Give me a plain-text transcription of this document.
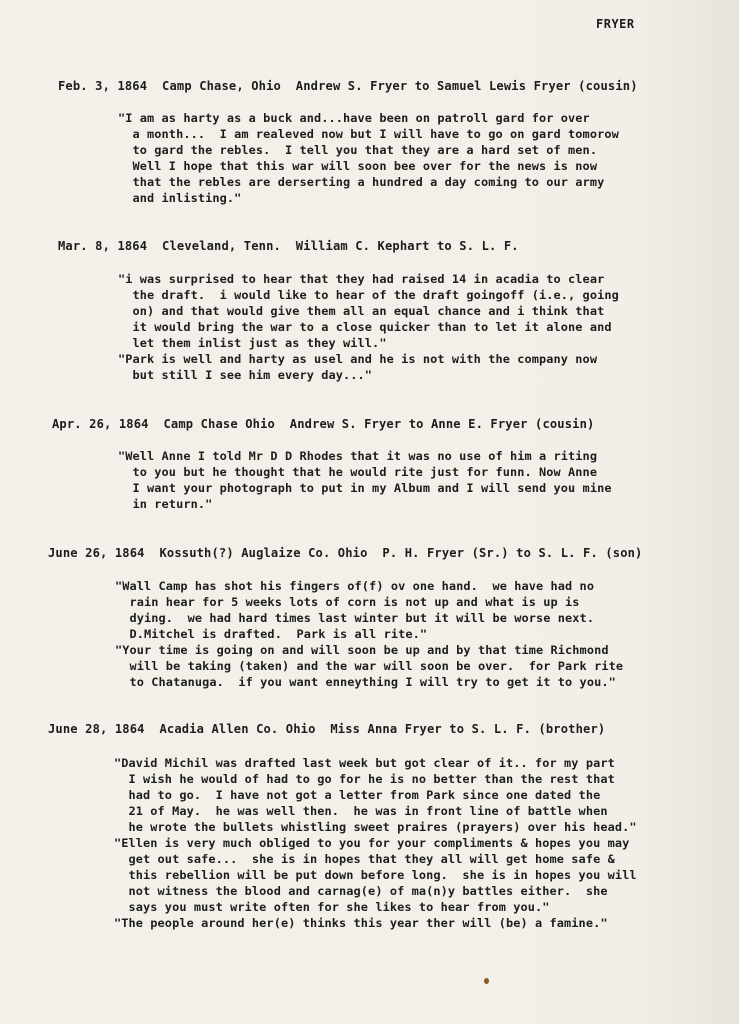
FRYER
Feb. 3, 1864  Camp Chase, Ohio  Andrew S. Fryer to Samuel Lewis Fryer (cousin)
"I am as harty as a buck and...have been on patroll gard for over
a month...  I am realeved now but I will have to go on gard tomorow
to gard the rebles.  I tell you that they are a hard set of men.
Well I hope that this war will soon bee over for the news is now
that the rebles are derserting a hundred a day coming to our army
and inlisting."
Mar. 8, 1864  Cleveland, Tenn.  William C. Kephart to S. L. F.
"i was surprised to hear that they had raised 14 in acadia to clear
the draft.  i would like to hear of the draft goingoff (i.e., going
on) and that would give them all an equal chance and i think that
it would bring the war to a close quicker than to let it alone and
let them inlist just as they will."
"Park is well and harty as usel and he is not with the company now
but still I see him every day..."
Apr. 26, 1864  Camp Chase Ohio  Andrew S. Fryer to Anne E. Fryer (cousin)
"Well Anne I told Mr D D Rhodes that it was no use of him a riting
to you but he thought that he would rite just for funn. Now Anne
I want your photograph to put in my Album and I will send you mine
in return."
June 26, 1864  Kossuth(?) Auglaize Co. Ohio  P. H. Fryer (Sr.) to S. L. F. (son)
"Wall Camp has shot his fingers of(f) ov one hand.  we have had no
rain hear for 5 weeks lots of corn is not up and what is up is
dying.  we had hard times last winter but it will be worse next.
D.Mitchel is drafted.  Park is all rite."
"Your time is going on and will soon be up and by that time Richmond
will be taking (taken) and the war will soon be over.  for Park rite
to Chatanuga.  if you want enneything I will try to get it to you."
June 28, 1864  Acadia Allen Co. Ohio  Miss Anna Fryer to S. L. F. (brother)
"David Michil was drafted last week but got clear of it.. for my part
I wish he would of had to go for he is no better than the rest that
had to go.  I have not got a letter from Park since one dated the
21 of May.  he was well then.  he was in front line of battle when
he wrote the bullets whistling sweet praires (prayers) over his head."
"Ellen is very much obliged to you for your compliments & hopes you may
get out safe...  she is in hopes that they all will get home safe &
this rebellion will be put down before long.  she is in hopes you will
not witness the blood and carnag(e) of ma(n)y battles either.  she
says you must write often for she likes to hear from you."
"The people around her(e) thinks this year ther will (be) a famine."
